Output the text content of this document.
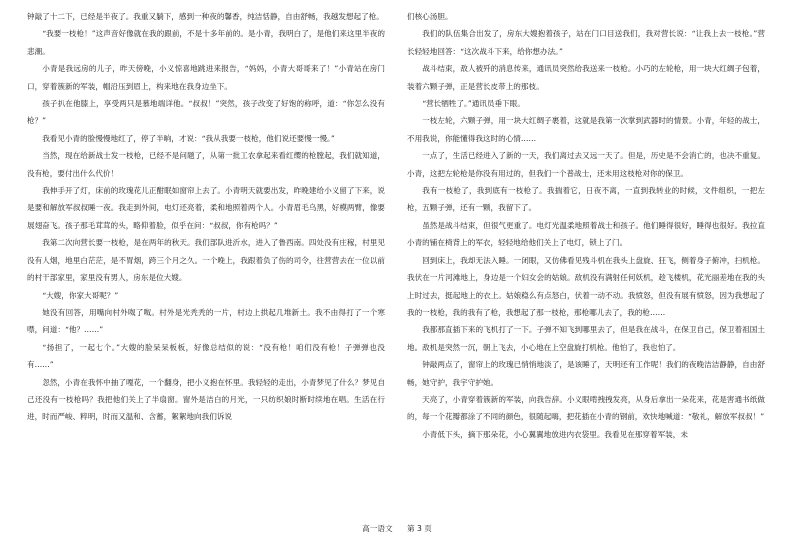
钟敲了十二下，已经是半夜了。我重又躺下，感到一种夜的馨香，纯洁恬静，自由舒畅，我越发想起了枪。

“我要一枝枪！”这声音好像就在我的跟前，不是十多年前的。是小青，我明白了，是他们来这里半夜的悲潮。

小青是我远房的儿子，昨天傍晚，小义惊喜地跳进来报告，“妈妈，小青大哥哥来了！”小青站在房门口，穿着簇新的军装，帽沿压到眉上，构来地在我身边坐下。

孩子扒在他膝上，享受两只是慕地端详他。“叔叔！”突然，孩子改变了好饱的称呼，道：“你怎么没有枪？”

我看见小青的脸慢慢地红了，停了半晌，才说：“我从我要一枝枪，他们说还要慢一慢。”

当然，现在给新战士发一枝枪，已经不是问题了，从第一批工农拿起来看红缨的枪膛起，我们就知道，没有枪，要付出什么代价！

我伸手开了灯，床前的玫瑰花儿正酣眠如窗帘上去了。小青明天就要出发，昨晚建给小义留了下来，说是要和解放军叔叔睡一夜。我走到外间，电灯还亮着，柔和地照着两个人。小青眉毛乌黑，好模两臂，像要展翅奋飞。孩子那毛茸茸的头，略仰着脸，似乎在问：“叔叔，你有枪吗？”

我第二次向营长要一枝枪，是在两年的秋天。我们部队进沂水，进入了鲁西南。四处没有庄稼，村里见没有人烟，地里白茫茫，是不胃烟，跨三个月之久。一个晚上，我跟着负了伤的司令，往营营去在一位以前的村干部家里，家里没有男人，房东是位大嫂。

“大嫂，你家大哥呢？”

她没有回答，用嘴向村外呶了呶。村外是光秃秃的一片，村边上拱起几堆新土。我不由得打了一个寒噤，问道：“他？……”

“扬担了，一起七个。”大嫂的脸呆呆板板，好像总结似的说：“没有枪！咱们没有枪！子弹弹也没有……”

忽然，小青在我怀中抽了嘎花，一个翻身，把小义抱在怀里。我轻轻的走出，小青梦见了什么？梦见自己还没有一枝枪吗？我把他们关上了半扇窗。窗外是洁白的月光，一只纺织娘时断时续地在唱。生活在行进，时而严峻、粹明，时而又温和、含蓄，絮絮地向我们诉说

们核心汤胆。

我们的队伍集合出发了，房东大嫂抱着孩子，站在门口目送我们，我对营长说：“让我上去一枝枪。”营长轻轻地回答：“这次战斗下来，给你想办法。”

战斗结束，敌人被歼的消息传来，通讯员突然给我送来一枝枪。小巧的左轮枪，用一块大红绸子包着，装着六颗子弹，正是营长皮带上的那枝。

“营长牺牲了。”通讯员垂下眼。

一枝左轮，六颗子弹，用一块大红绸子裹着，这就是我第一次掌到武器时的情景。小青，年轻的战士，不用我说，你能懂得我这时的心情……

一点了，生活已经进入了新的一天，我们离过去又远一天了。但是，历史是不会消亡的，也决不重复。小青，这把左轮枪是你没有用过的，但我们一个普战士，还未用这枝枪对你的保卫。

我有一枝枪了，我到底有一枝枪了。我揣着它，日夜不离，一直到我转业的时候，文件组织，一把左枪，五颗子弹，还有一颗，我留下了。

虽然是战斗结束，但很气更重了。电灯光温柔地照着战士和孩子。他们睡得很好，睡得也很好。我拉直小青的铺在椅背上的军衣，轻轻地给他们关上了电灯，锁上了门。

回到床上，我却无法入睡。一闭眼，又仿佛看见残斗机在我头上盘旋、狂飞，侧着身子俯冲，扫机枪。我伏在一片河滩地上，身边是一个妇女会的姑娘。敌机没有满射任何妖机，趁飞楼机，花光丽差地在我的头上时过去，挺起地上的衣上。姑娘稳么有点怒白，伏着一动不动。我愤怒，但没有展有愤怒，因为我想起了我的一枝枪，我的我有了枪，我想起了那一枝枪，那枪哪儿去了，我的枪……

我都那直插下来的飞机打了一下。子弹不知飞到哪里去了，但是我在战斗，在保卫自己，保卫着祖国土地。敌机是突然一沉，朝上飞去，小心地在上空盘旋打机枪。他怕了，我也怕了。

钟敲两点了，窗帘上的玫瑰已悄悄地淡了，是该睡了，天明还有工作呢！我们的夜晚洁洁静静，自由舒畅，她守护，我宇守护她。

天亮了，小青穿着簇新的军装，向我告辞。小义眼啃拽拽发亮，从身后拿出一朵花来，花是害通书纸做的，每一个花瓣都涂了不同的颜色，很随起嗨，把花插在小青的钢前，欢快地喊道：“敬礼，解放军叔叔！”

小青低下头，摘下那朵花，小心翼翼地放进内衣袋里。我看见在那穿着军装，未

高一语文 第 3 页
